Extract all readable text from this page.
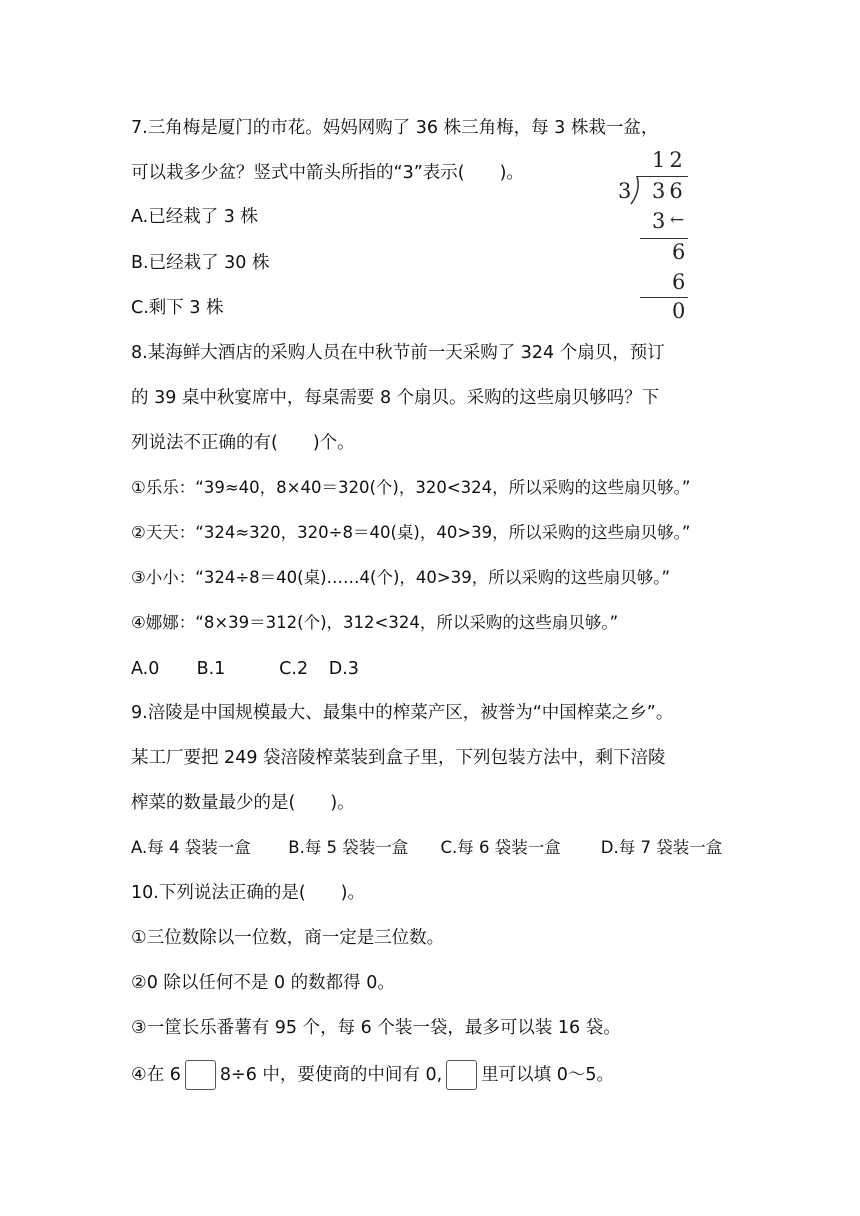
7.三角梅是厦门的市花。妈妈网购了 36 株三角梅，每 3 株栽一盆，
可以栽多少盆？竖式中箭头所指的“3”表示(　　)。
A.已经栽了 3 株
B.已经栽了 30 株
C.剩下 3 株
12
3 36
3 ←
6
6
0
8.某海鲜大酒店的采购人员在中秋节前一天采购了 324 个扇贝，预订
的 39 桌中秋宴席中，每桌需要 8 个扇贝。采购的这些扇贝够吗？下
列说法不正确的有(　　)个。
①乐乐：“39≈40，8×40＝320(个)，320<324，所以采购的这些扇贝够。”
②天天：“324≈320，320÷8＝40(桌)，40>39，所以采购的这些扇贝够。”
③小小：“324÷8＝40(桌)……4(个)，40>39，所以采购的这些扇贝够。”
④娜娜：“8×39＝312(个)，312<324，所以采购的这些扇贝够。”
A.0 B.1	C.2 D.3
9.涪陵是中国规模最大、最集中的榨菜产区，被誉为“中国榨菜之乡”。
某工厂要把 249 袋涪陵榨菜装到盒子里，下列包装方法中，剩下涪陵
榨菜的数量最少的是(　　)。
A.每 4 袋装一盒 B.每 5 袋装一盒 C.每 6 袋装一盒 D.每 7 袋装一盒
10.下列说法正确的是(　　)。
①三位数除以一位数，商一定是三位数。
②0 除以任何不是 0 的数都得 0。
③一筐长乐番薯有 95 个，每 6 个装一袋，最多可以装 16 袋。
④在 6 8÷6 中，要使商的中间有 0, 里可以填 0～5。
